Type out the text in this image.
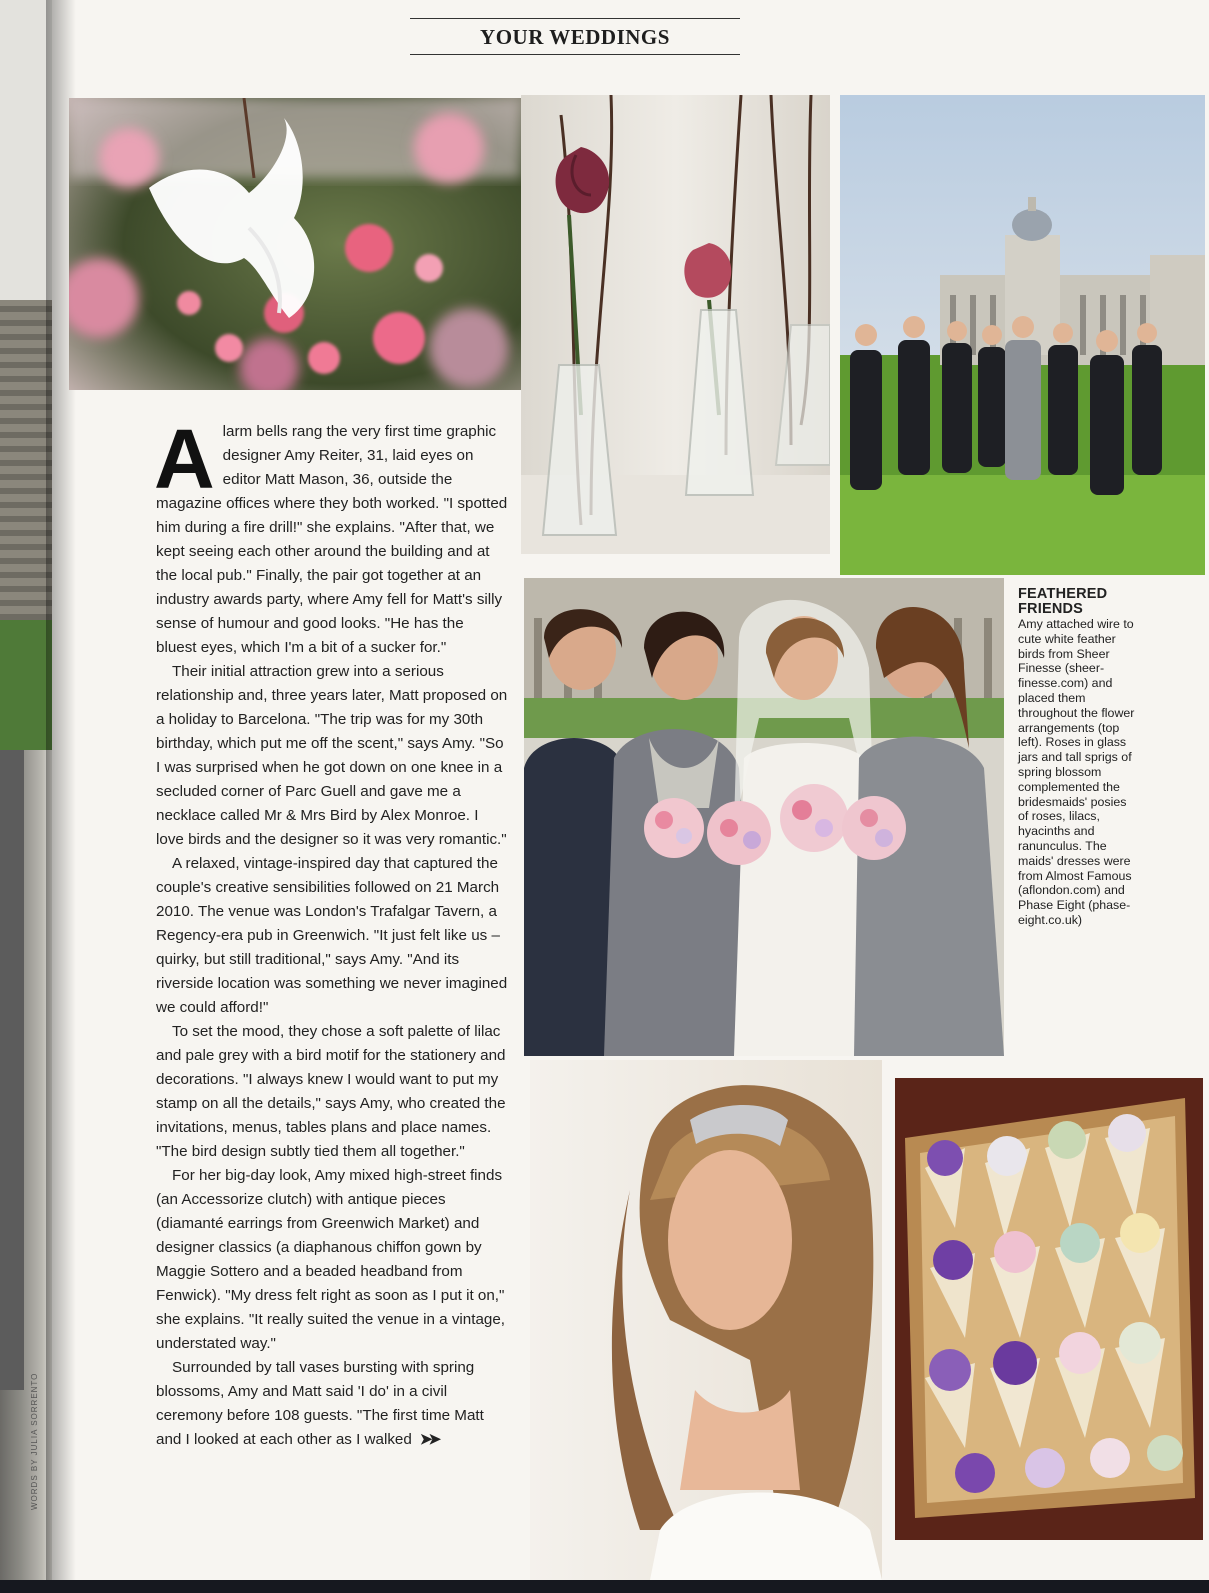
YOUR WEDDINGS

Alarm bells rang the very first time graphic designer Amy Reiter, 31, laid eyes on editor Matt Mason, 36, outside the magazine offices where they both worked. "I spotted him during a fire drill!" she explains. "After that, we kept seeing each other around the building and at the local pub." Finally, the pair got together at an industry awards party, where Amy fell for Matt's silly sense of humour and good looks. "He has the bluest eyes, which I'm a bit of a sucker for."

Their initial attraction grew into a serious relationship and, three years later, Matt proposed on a holiday to Barcelona. "The trip was for my 30th birthday, which put me off the scent," says Amy. "So I was surprised when he got down on one knee in a secluded corner of Parc Guell and gave me a necklace called Mr & Mrs Bird by Alex Monroe. I love birds and the designer so it was very romantic."

A relaxed, vintage-inspired day that captured the couple's creative sensibilities followed on 21 March 2010. The venue was London's Trafalgar Tavern, a Regency-era pub in Greenwich. "It just felt like us – quirky, but still traditional," says Amy. "And its riverside location was something we never imagined we could afford!"

To set the mood, they chose a soft palette of lilac and pale grey with a bird motif for the stationery and decorations. "I always knew I would want to put my stamp on all the details," says Amy, who created the invitations, menus, tables plans and place names. "The bird design subtly tied them all together."

For her big-day look, Amy mixed high-street finds (an Accessorize clutch) with antique pieces (diamanté earrings from Greenwich Market) and designer classics (a diaphanous chiffon gown by Maggie Sottero and a beaded headband from Fenwick). "My dress felt right as soon as I put it on," she explains. "It really suited the venue in a vintage, understated way."

Surrounded by tall vases bursting with spring blossoms, Amy and Matt said 'I do' in a civil ceremony before 108 guests. "The first time Matt and I looked at each other as I walked ➤➤

FEATHERED FRIENDS
Amy attached wire to cute white feather birds from Sheer Finesse (sheer-finesse.com) and placed them throughout the flower arrangements (top left). Roses in glass jars and tall sprigs of spring blossom complemented the bridesmaids' posies of roses, lilacs, hyacinths and ranunculus. The maids' dresses were from Almost Famous (aflondon.com) and Phase Eight (phase-eight.co.uk)
WORDS BY JULIA SORRENTO
